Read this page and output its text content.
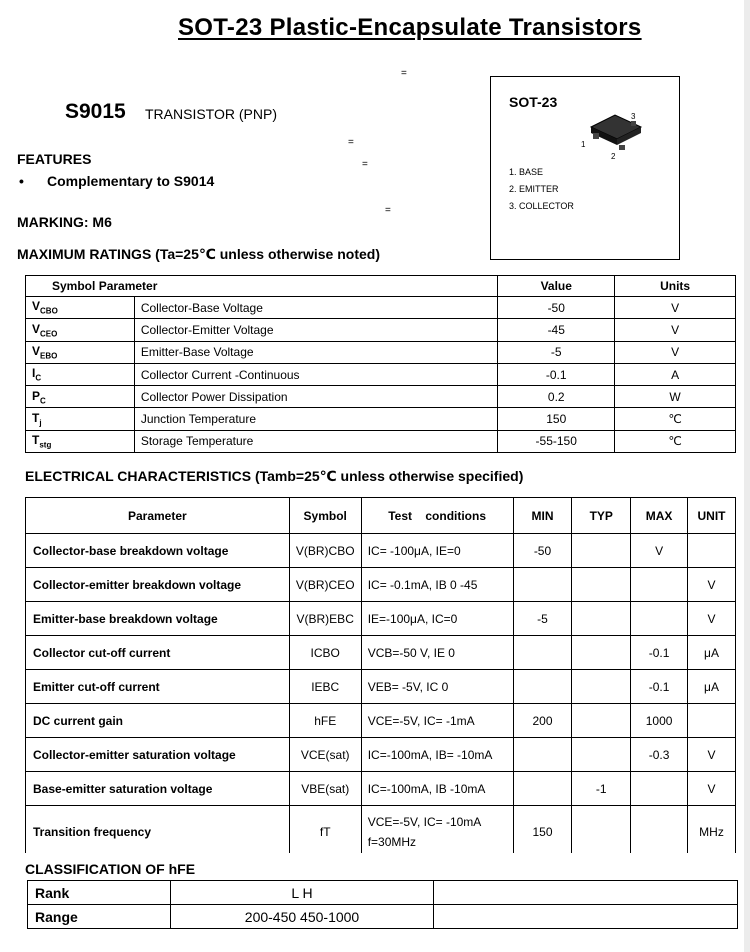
SOT-23 Plastic-Encapsulate Transistors
=
=
=
=
S9015 TRANSISTOR (PNP)
FEATURES
• Complementary to S9014
MARKING: M6
SOT-23
1
2
3
1. BASE
2. EMITTER
3. COLLECTOR
MAXIMUM RATINGS (Ta=25℃ unless otherwise noted)
Symbol Parameter		Value	Units
$V_{CBO}$	Collector-Base Voltage	-50	V
$V_{CEO}$	Collector-Emitter Voltage	-45	V
$V_{EBO}$	Emitter-Base Voltage	-5	V
$I_C$	Collector Current -Continuous	-0.1	A
$P_C$	Collector Power Dissipation	0.2	W
$T_j$	Junction Temperature	150	℃
$T_{stg}$	Storage Temperature	-55-150	℃
ELECTRICAL CHARACTERISTICS (Tamb=25℃ unless otherwise specified)
Parameter	Symbol	Test    conditions	MIN	TYP	MAX	UNIT
Collector-base breakdown voltage	V(BR)CBO	IC= -100μA, IE=0	-50		V	
Collector-emitter breakdown voltage	V(BR)CEO	IC= -0.1mA, IB 0 -45				V
Emitter-base breakdown voltage	V(BR)EBC	IE=-100μA, IC=0	-5			V
Collector cut-off current	ICBO	VCB=-50 V, IE 0			-0.1	μA
Emitter cut-off current	IEBC	VEB= -5V, IC 0			-0.1	μA
DC current gain	hFE	VCE=-5V, IC= -1mA	200		1000	
Collector-emitter saturation voltage	VCE(sat)	IC=-100mA, IB= -10mA			-0.3	V
Base-emitter saturation voltage	VBE(sat)	IC=-100mA, IB -10mA		-1		V
Transition frequency	fT	VCE=-5V, IC= -10mA
f=30MHz	150			MHz
CLASSIFICATION OF hFE
Rank	L H	
Range	200-450 450-1000	
